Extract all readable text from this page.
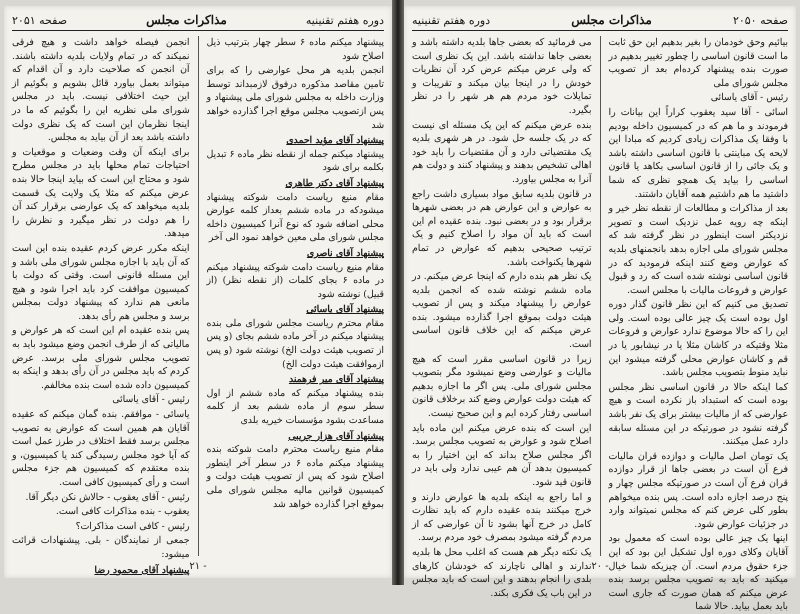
دوره هفتم تقنینیه
مذاکرات مجلس
صفحه ۲۰۵۱

پیشنهاد میکنم ماده ۶ سطر چهار بترتیب ذیل اصلاح شود

انجمن بلدیه هر محل عوارضی را که برای تامین مقاصد مذکوره درفوق لازمبداند توسط وزارت داخله به مجلس شورای ملی پیشنهاد و پس ازتصویب مجلس موقع اجرا گذارده خواهد شد

پیشنهاد آقای مؤید احمدی

پیشنهاد میکنم جمله از نقطه نظر ماده ۶ تبدیل بکلمه برای شود

پیشنهاد آقای دکتر طاهری

مقام منیع ریاست دامت شوکته پیشنهاد میشودکه در ماده ششم بعداز کلمه عوارض محلی اضافه شود که نوع آنرا کمیسیون داخله مجلس شورای ملی معین خواهد نمود الی آخر

پیشنهاد آقای ناصری

مقام منیع ریاست دامت شوکته پیشنهاد میکنم در ماده ۶ بجای کلمات (از نقطه نظر) (از قبیل) نوشته شود

پیشنهاد آقای یاسائی

مقام محترم ریاست مجلس شورای ملی بنده پیشنهاد میکنم در آخر ماده ششم بجای (و پس از تصویب هیئت دولت الخ) نوشته شود (و پس ازموافقت هیئت دولت الخ)

پیشنهاد آقای میر فرهمند

بنده پیشنهاد میکنم که ماده ششم از اول سطر سوم از ماده ششم بعد از کلمه مساعدت بشود مؤسسات خیریه بلدی

پیشنهاد آقای هزار جریبی

مقام منیع ریاست محترم دامت شوکته بنده پیشنهاد میکنم ماده ۶ در سطر آخر اینطور اصلاح شود که پس از تصویب هیئت دولت و کمیسیون قوانین مالیه مجلس شورای ملی بموقع اجرا گذارده خواهد شد

انجمن فیصله خواهد داشت و هیچ فرقی نمیکند که در تمام ولایات بلدیه داشته باشند. آن انجمن که صلاحیت دارد و آن اقدام که میتواند بعمل بیاورد قائل بشویم و بگوئیم از این حیث اختلافی نیست. باید در مجلس شورای ملی نظریه این را بگوئیم که ما در اینجا نظرمان این است که یک نظری دولت داشته باشد بعد از آن بیاید به مجلس.

برای اینکه آن وقت وضعیات و موقعیات و احتیاجات تمام محلها باید در مجلس مطرح شود و محتاج این است که بیاید اینجا حالا بنده عرض میکنم که مثلا یک ولایت یک قسمت بلدیه میخواهد که یک عوارضی برقرار کند آن را هم دولت در نظر میگیرد و نظرش را میدهد.

اینکه مکرر عرض کردم عقیده بنده این است که آن باید با اجازه مجلس شورای ملی باشد و این مسئله قانونی است. وقتی که دولت با کمیسیون موافقت کرد باید اجرا شود و هیچ مانعی هم ندارد که پیشنهاد دولت بمجلس برسد و مجلس هم رأی بدهد.

پس بنده عقیده ام این است که هر عوارض و مالیاتی که از طرف انجمن وضع میشود باید به تصویب مجلس شورای ملی برسد. عرض کردم که باید مجلس در آن رأی بدهد و اینکه به کمیسیون داده شده است بنده مخالفم.

رئیس - آقای یاسائی

یاسائی - موافقم. بنده گمان میکنم که عقیده آقایان هم همین است که عوارض به تصویب مجلس برسد فقط اختلاف در طرز عمل است که آیا خود مجلس رسیدگی کند یا کمیسیون، و بنده معتقدم که کمیسیون هم جزء مجلس است و رأی کمیسیون کافی است.

رئیس - آقای یعقوب - حالاش نکن دیگر آقا.

یعقوب - بنده مذاکرات کافی است.

رئیس - کافی است مذاکرات؟

جمعی از نمایندگان - بلی. پیشنهادات قرائت میشود:

پیشنهاد آقای محمود رضا ۲۱ -
صفحه ۲۰۵۰
مذاکرات مجلس
دوره هفتم تقنینیه

بیائیم وحق خودمان را بغیر بدهیم این حق ثابت ما است قانون اساسی را چطور تغییر بدهیم در صورت بنده پیشنهاد کرده‌ام بعد از تصویب مجلس شورای ملی

رئیس - آقای یاسائی

اسائی - آقا سید یعقوب کراراً این بیانات را فرمودند و ما هم که در کمیسیون داخله بودیم با وفقا یک مذاکرات زیادی کردیم که مبادا این لایحه یک مباینتی با قانون اساسی داشته باشد و یک جائی را از قانون اساسی بکاهد یا قانون اساسی را بیاید یک همچو نظری که شما داشتید ما هم داشتیم همه آقایان داشتند.

بعد از مذاکرات و مطالعات از نقطه نظر خیر و اینکه چه رویه عمل نزدیک است و تصویر نزدیکتر است اینطور در نظر گرفته شد که مجلس شورای ملی اجازه بدهد بانجمنهای بلدیه که عوارض وضع کنند اینکه فرمودید که در قانون اساسی نوشته شده است که رد و قبول عوارض و فروعات مالیات با مجلس است.

تصدیق می کنیم که این نظر قانون گذار دوره اول بوده است یک چیز عالی بوده است. ولی این را که حالا موضوع ندارد عوارض و فروعات مثلا وقتیکه در کاشان مثلا یا در نیشابور یا در قم و کاشان عوارض محلی گرفته میشود این نباید منوط بتصویب مجلس باشد.

کما اینکه حالا در قانون اساسی نظر مجلس بوده است که استبداد باز نکرده است و هیچ عوارضی که از مالیات بیشتر برای یک نفر باشد گرفته نشود در صورتیکه در این مسئله سابقه دارد عمل میکنند.

یک تومان اصل مالیات و دوازده قران مالیات فرع آن است در بعضی جاها از قرار دوازده قران فرع آن است در صورتیکه مجلس چهار و پنج درصد اجازه داده است. پس بنده میخواهم بطور کلی عرض کنم که مجلس نمیتواند وارد در جزئیات عوارض شود.

اینها یک چیز عالی بوده است که معمول بود آقایان وکلای دوره اول تشکیل این بود که این جزء حقوق مردم است. آن چیزیکه شما خیال میکنید که باید به تصویب مجلس برسد بنده عرض میکنم که همان صورت که جاری است باید بعمل بیاید. حالا شما

می فرمائید که بعضی جاها بلدیه داشته باشد و بعضی جاها نداشته باشد. این یک نظری است که ولی عرض میکنم عرض کرد آن نظریات خودش را در اینجا بیان میکند و تقریبات و تمایلات خود مردم هم هر شهر را در نظر بگیرد.

بنده عرض میکنم که این یک مسئله ای نیست که در یک جلسه حل شود. در هر شهری بلدیه یک مقتضیاتی دارد و آن مقتضیات را باید خود اهالی تشخیص بدهند و پیشنهاد کنند و دولت هم آنرا به مجلس بیاورد.

در قانون بلدیه سابق مواد بسیاری داشت راجع به عوارض و این عوارض هم در بعضی شهرها برقرار بود و در بعضی نبود. بنده عقیده ام این است که باید آن مواد را اصلاح کنیم و یک ترتیب صحیحی بدهیم که عوارض در تمام شهرها یکنواخت باشد.

یک نظر هم بنده دارم که اینجا عرض میکنم. در ماده ششم نوشته شده که انجمن بلدیه عوارض را پیشنهاد میکند و پس از تصویب هیئت دولت بموقع اجرا گذارده میشود. بنده عرض میکنم که این خلاف قانون اساسی است.

زیرا در قانون اساسی مقرر است که هیچ مالیات و عوارضی وضع نمیشود مگر بتصویب مجلس شورای ملی. پس اگر ما اجازه بدهیم که هیئت دولت عوارض وضع کند برخلاف قانون اساسی رفتار کرده ایم و این صحیح نیست.

این است که بنده عرض میکنم این ماده باید اصلاح شود و عوارض به تصویب مجلس برسد. اگر مجلس صلاح بداند که این اختیار را به کمیسیون بدهد آن هم عیبی ندارد ولی باید در قانون قید شود.

و اما راجع به اینکه بلدیه ها عوارض دارند و خرج میکنند بنده عقیده دارم که باید نظارت کامل در خرج آنها بشود تا آن عوارضی که از مردم گرفته میشود بمصرف خود مردم برسد.

یک نکته دیگر هم هست که اغلب محل ها بلدیه ندارند و اهالی ناچارند که خودشان کارهای بلدی را انجام بدهند و این است که باید مجلس در این باب یک فکری بکند.

۲۰ -
